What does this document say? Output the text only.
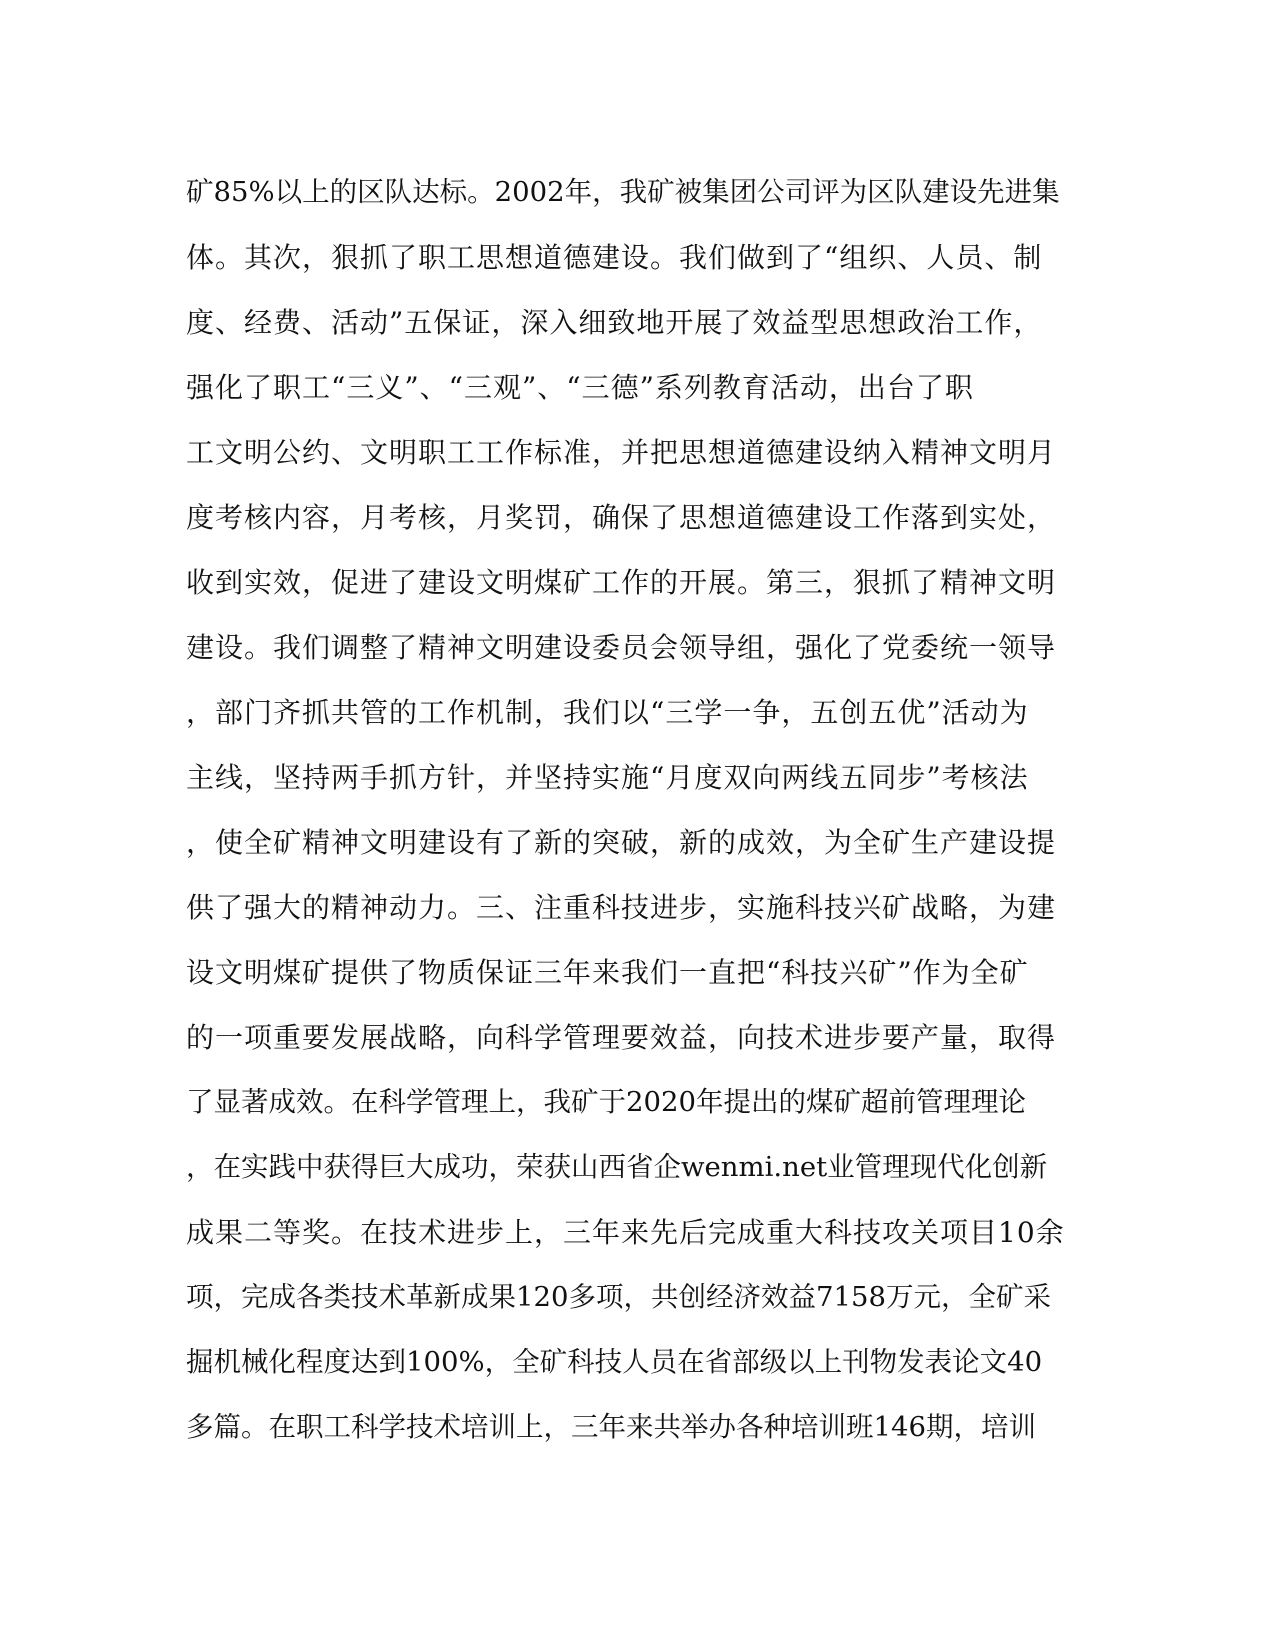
矿85%以上的区队达标。2002年，我矿被集团公司评为区队建设先进集
体。其次，狠抓了职工思想道德建设。我们做到了“组织、人员、制
度、经费、活动”五保证，深入细致地开展了效益型思想政治工作，
强化了职工“三义”、“三观”、“三德”系列教育活动，出台了职
工文明公约、文明职工工作标准，并把思想道德建设纳入精神文明月
度考核内容，月考核，月奖罚，确保了思想道德建设工作落到实处，
收到实效，促进了建设文明煤矿工作的开展。第三，狠抓了精神文明
建设。我们调整了精神文明建设委员会领导组，强化了党委统一领导
，部门齐抓共管的工作机制，我们以“三学一争，五创五优”活动为
主线，坚持两手抓方针，并坚持实施“月度双向两线五同步”考核法
，使全矿精神文明建设有了新的突破，新的成效，为全矿生产建设提
供了强大的精神动力。三、注重科技进步，实施科技兴矿战略，为建
设文明煤矿提供了物质保证三年来我们一直把“科技兴矿”作为全矿
的一项重要发展战略，向科学管理要效益，向技术进步要产量，取得
了显著成效。在科学管理上，我矿于2020年提出的煤矿超前管理理论
，在实践中获得巨大成功，荣获山西省企wenmi.net业管理现代化创新
成果二等奖。在技术进步上，三年来先后完成重大科技攻关项目10余
项，完成各类技术革新成果120多项，共创经济效益7158万元，全矿采
掘机械化程度达到100%，全矿科技人员在省部级以上刊物发表论文40
多篇。在职工科学技术培训上，三年来共举办各种培训班146期，培训
